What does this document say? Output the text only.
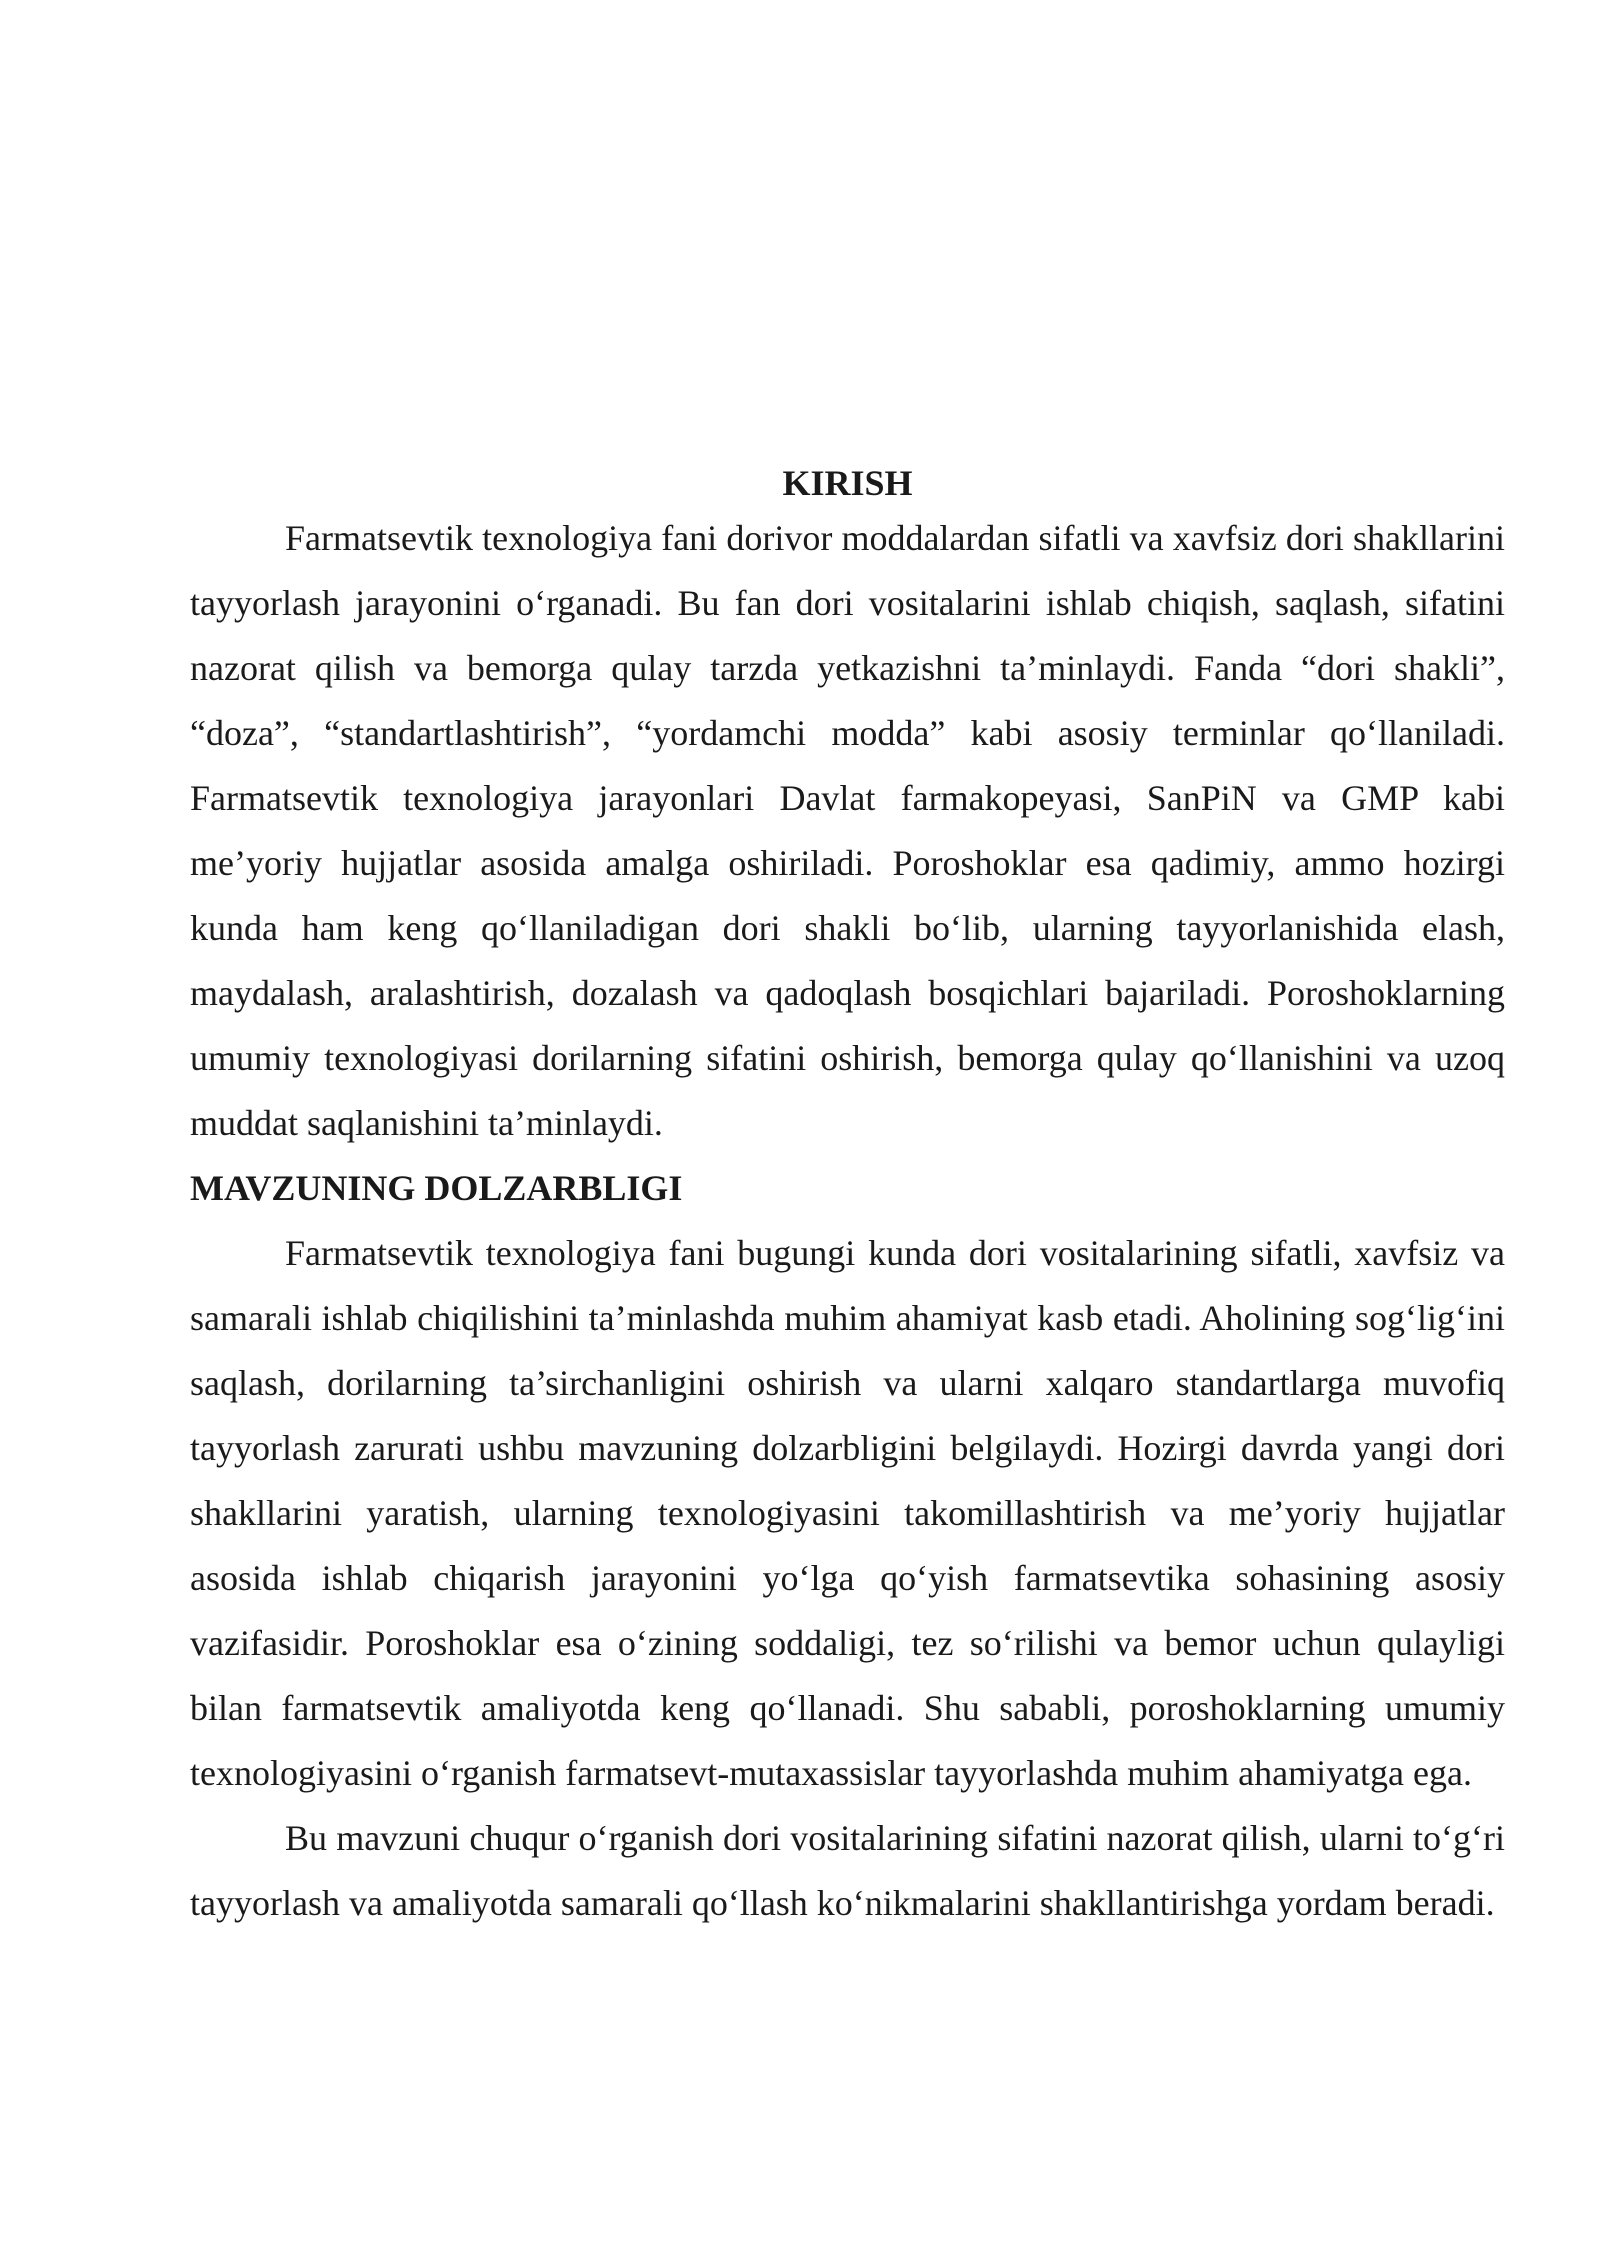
KIRISH

Farmatsevtik texnologiya fani dorivor moddalardan sifatli va xavfsiz dori shakllarini tayyorlash jarayonini o‘rganadi. Bu fan dori vositalarini ishlab chiqish, saqlash, sifatini nazorat qilish va bemorga qulay tarzda yetkazishni ta’minlaydi. Fanda “dori shakli”, “doza”, “standartlashtirish”, “yordamchi modda” kabi asosiy terminlar qo‘llaniladi. Farmatsevtik texnologiya jarayonlari Davlat farmakopeyasi, SanPiN va GMP kabi me’yoriy hujjatlar asosida amalga oshiriladi. Poroshoklar esa qadimiy, ammo hozirgi kunda ham keng qo‘llaniladigan dori shakli bo‘lib, ularning tayyorlanishida elash, maydalash, aralashtirish, dozalash va qadoqlash bosqichlari bajariladi. Poroshoklarning umumiy texnologiyasi dorilarning sifatini oshirish, bemorga qulay qo‘llanishini va uzoq muddat saqlanishini ta’minlaydi.

MAVZUNING DOLZARBLIGI

Farmatsevtik texnologiya fani bugungi kunda dori vositalarining sifatli, xavfsiz va samarali ishlab chiqilishini ta’minlashda muhim ahamiyat kasb etadi. Aholining sog‘lig‘ini saqlash, dorilarning ta’sirchanligini oshirish va ularni xalqaro standartlarga muvofiq tayyorlash zarurati ushbu mavzuning dolzarbligini belgilaydi. Hozirgi davrda yangi dori shakllarini yaratish, ularning texnologiyasini takomillashtirish va me’yoriy hujjatlar asosida ishlab chiqarish jarayonini yo‘lga qo‘yish farmatsevtika sohasining asosiy vazifasidir. Poroshoklar esa o‘zining soddaligi, tez so‘rilishi va bemor uchun qulayligi bilan farmatsevtik amaliyotda keng qo‘llanadi. Shu sababli, poroshoklarning umumiy texnologiyasini o‘rganish farmatsevt-mutaxassislar tayyorlashda muhim ahamiyatga ega.

Bu mavzuni chuqur o‘rganish dori vositalarining sifatini nazorat qilish, ularni to‘g‘ri tayyorlash va amaliyotda samarali qo‘llash ko‘nikmalarini shakllantirishga yordam beradi.
